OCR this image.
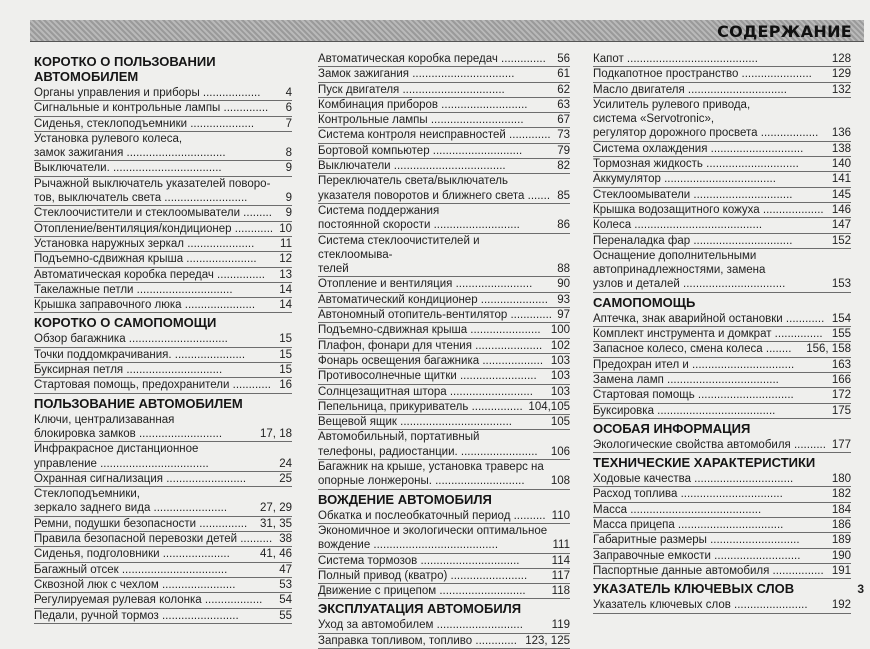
СОДЕРЖАНИЕ
КОРОТКО О ПОЛЬЗОВАНИИ
АВТОМОБИЛЕМ
Органы управления и приборы ..................	4
Сигнальные и контрольные лампы ..............	6
Сиденья, стеклоподъемники ....................	7
Установка рулевого колеса,
замок зажигания ...............................	8
Выключатели. ..................................	9
Рычажной выключатель указателей поворо-
тов, выключатель света ..........................	9
Стеклоочистители и стеклоомыватели .........	9
Отопление/вентиляция/кондиционер ............ 10
Установка наружных зеркал .....................	11
Подъемно-сдвижная крыша ......................	12
Автоматическая коробка передач ...............	13
Такелажные петли ..............................	14
Крышка заправочного люка ......................	14
КОРОТКО О САМОПОМОЩИ
Обзор багажника ...............................	15
Точки поддомкрачивания. ......................	15
Буксирная петля ..............................	15
Стартовая помощь, предохранители ............ 16
ПОЛЬЗОВАНИЕ АВТОМОБИЛЕМ
Ключи, централизаванная
блокировка замков ..........................	17, 18
Инфракрасное дистанционное
управление ..................................	24
Охранная сигнализация .........................	25
Стеклоподъемники,
зеркало заднего вида .......................	27, 29
Ремни, подушки безопасности ...............	31, 35
Правила безопасной перевозки детей .......... 38
Сиденья, подголовники .....................	41, 46
Багажный отсек .................................	47
Сквозной люк с чехлом .......................	53
Регулируемая рулевая колонка ..................	54
Педали, ручной тормоз ........................	55
Автоматическая коробка передач .............. 56
Замок зажигания ................................	61
Пуск двигателя ................................	62
Комбинация приборов ...........................	63
Контрольные лампы .............................	67
Система контроля неисправностей ............. 73
Бортовой компьютер ............................	79
Выключатели ...................................	82
Переключатель света/выключатель
указателя поворотов и ближнего света ....... 85
Система поддержания
постоянной скорости ...........................	86
Система стеклоочистителей и стеклоомыва-
телей	88
Отопление и вентиляция ........................	90
Автоматический кондиционер ..................... 93
Автономный отопитель-вентилятор ............. 97
Подъемно-сдвижная крыша ...................... 100
Плафон, фонари для чтения ..................... 102
Фонарь освещения багажника ................... 103
Противосолнечные щитки ........................	103
Солнцезащитная штора ..........................	103
Пепельница, прикуриватель ................ 104,105
Вещевой ящик ...................................	105
Автомобильный, портативный
телефоны, радиостанции. ........................	106
Багажник на крыше, установка траверс на
опорные лонжероны. ............................	108
ВОЖДЕНИЕ АВТОМОБИЛЯ
Обкатка и послеобкаточный период .......... 110
Экономичное и экологически оптимальное
вождение .......................................	111
Система тормозов ...............................	114
Полный привод (кватро) ........................	117
Движение с прицепом ...........................	118
ЭКСПЛУАТАЦИЯ АВТОМОБИЛЯ
Уход за автомобилем ...........................	119
Заправка топливом, топливо ............. 123, 125
Капот .........................................	128
Подкапотное пространство ......................	129
Масло двигателя ...............................	132
Усилитель рулевого привода,
система «Servotronic»,
регулятор дорожного просвета ..................	136
Система охлаждения .............................	138
Тормозная жидкость .............................	140
Аккумулятор ...................................	141
Стеклоомыватели ...............................	145
Крышка водозащитного кожуха ................... 146
Колеса ........................................	147
Переналадка фар ...............................	152
Оснащение дополнительными
автопринадлежностями, замена
узлов и деталей ................................	153
САМОПОМОЩЬ
Аптечка, знак аварийной остановки ............ 154
Комплект инструмента и домкрат ............... 155
Запасное колесо, смена колеса ........	156, 158
Предохран ител и ................................	163
Замена ламп ...................................	166
Стартовая помощь ..............................	172
Буксировка .....................................	175
ОСОБАЯ ИНФОРМАЦИЯ
Экологические свойства автомобиля .......... 177
ТЕХНИЧЕСКИЕ ХАРАКТЕРИСТИКИ
Ходовые качества ...............................	180
Расход топлива ................................	182
Масса .........................................	184
Масса прицепа .................................	186
Габаритные размеры ............................	189
Заправочные емкости ...........................	190
Паспортные данные автомобиля ................ 191
УКАЗАТЕЛЬ КЛЮЧЕВЫХ СЛОВ
Указатель ключевых слов .......................	192
3
